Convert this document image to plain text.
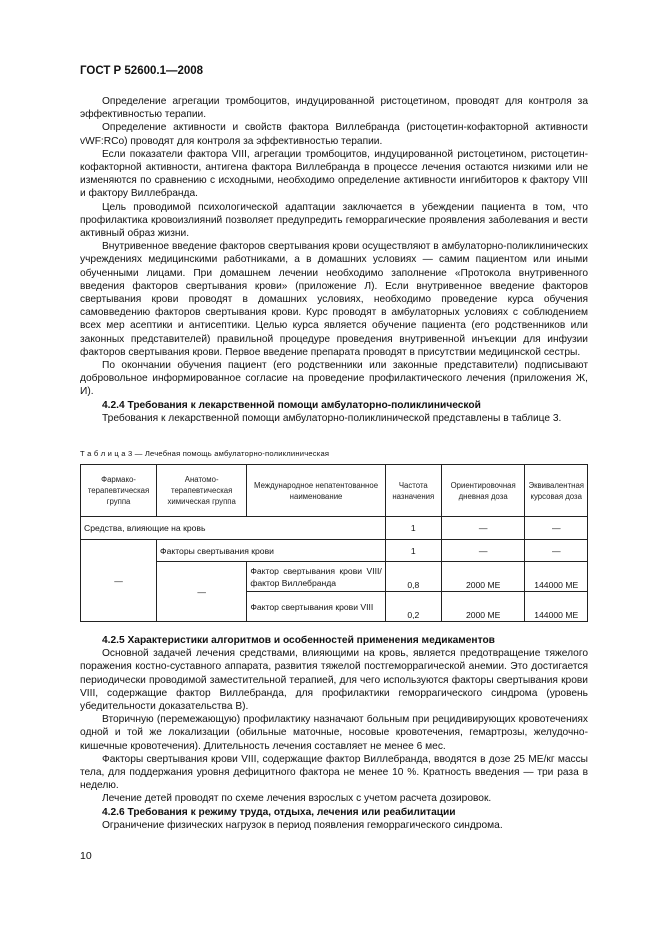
ГОСТ Р 52600.1—2008

Определение агрегации тромбоцитов, индуцированной ристоцетином, проводят для контроля за эффективностью терапии.

Определение активности и свойств фактора Виллебранда (ристоцетин-кофакторной активности vWF:RCo) проводят для контроля за эффективностью терапии.

Если показатели фактора VIII, агрегации тромбоцитов, индуцированной ристоцетином, ристоцетин-кофакторной активности, антигена фактора Виллебранда в процессе лечения остаются низкими или не изменяются по сравнению с исходными, необходимо определение активности ингибиторов к фактору VIII и фактору Виллебранда.

Цель проводимой психологической адаптации заключается в убеждении пациента в том, что профилактика кровоизлияний позволяет предупредить геморрагические проявления заболевания и вести активный образ жизни.

Внутривенное введение факторов свертывания крови осуществляют в амбулаторно-поликлинических учреждениях медицинскими работниками, а в домашних условиях — самим пациентом или иными обученными лицами. При домашнем лечении необходимо заполнение «Протокола внутривенного введения факторов свертывания крови» (приложение Л). Если внутривенное введение факторов свертывания крови проводят в домашних условиях, необходимо проведение курса обучения самовведению факторов свертывания крови. Курс проводят в амбулаторных условиях с соблюдением всех мер асептики и антисептики. Целью курса является обучение пациента (его родственников или законных представителей) правильной процедуре проведения внутривенной инъекции для инфузии факторов свертывания крови. Первое введение препарата проводят в присутствии медицинской сестры.

По окончании обучения пациент (его родственники или законные представители) подписывают добровольное информированное согласие на проведение профилактического лечения (приложения Ж, И).

4.2.4 Требования к лекарственной помощи амбулаторно-поликлинической

Требования к лекарственной помощи амбулаторно-поликлинической представлены в таблице 3.

Т а б л и ц а 3 — Лечебная помощь амбулаторно-поликлиническая
Фармако-терапевтическая группа	Анатомо-терапевтическая химическая группа	Международное непатентованное наименование	Частота назначения	Ориентировочная дневная доза	Эквивалентная курсовая доза
Средства, влияющие на кровь			1	—	—
—	Факторы свертывания крови		1	—	—
	—	Фактор свертывания крови VIII/фактор Виллебранда	0,8	2000 МЕ	144000 МЕ
		Фактор свертывания крови VIII	0,2	2000 МЕ	144000 МЕ

4.2.5 Характеристики алгоритмов и особенностей применения медикаментов

Основной задачей лечения средствами, влияющими на кровь, является предотвращение тяжелого поражения костно-суставного аппарата, развития тяжелой постгеморрагической анемии. Это достигается периодически проводимой заместительной терапией, для чего используются факторы свертывания крови VIII, содержащие фактор Виллебранда, для профилактики геморрагического синдрома (уровень убедительности доказательства В).

Вторичную (перемежающую) профилактику назначают больным при рецидивирующих кровотечениях одной и той же локализации (обильные маточные, носовые кровотечения, гемартрозы, желудочно-кишечные кровотечения). Длительность лечения составляет не менее 6 мес.

Факторы свертывания крови VIII, содержащие фактор Виллебранда, вводятся в дозе 25 МЕ/кг массы тела, для поддержания уровня дефицитного фактора не менее 10 %. Кратность введения — три раза в неделю.

Лечение детей проводят по схеме лечения взрослых с учетом расчета дозировок.

4.2.6 Требования к режиму труда, отдыха, лечения или реабилитации

Ограничение физических нагрузок в период появления геморрагического синдрома.

10
